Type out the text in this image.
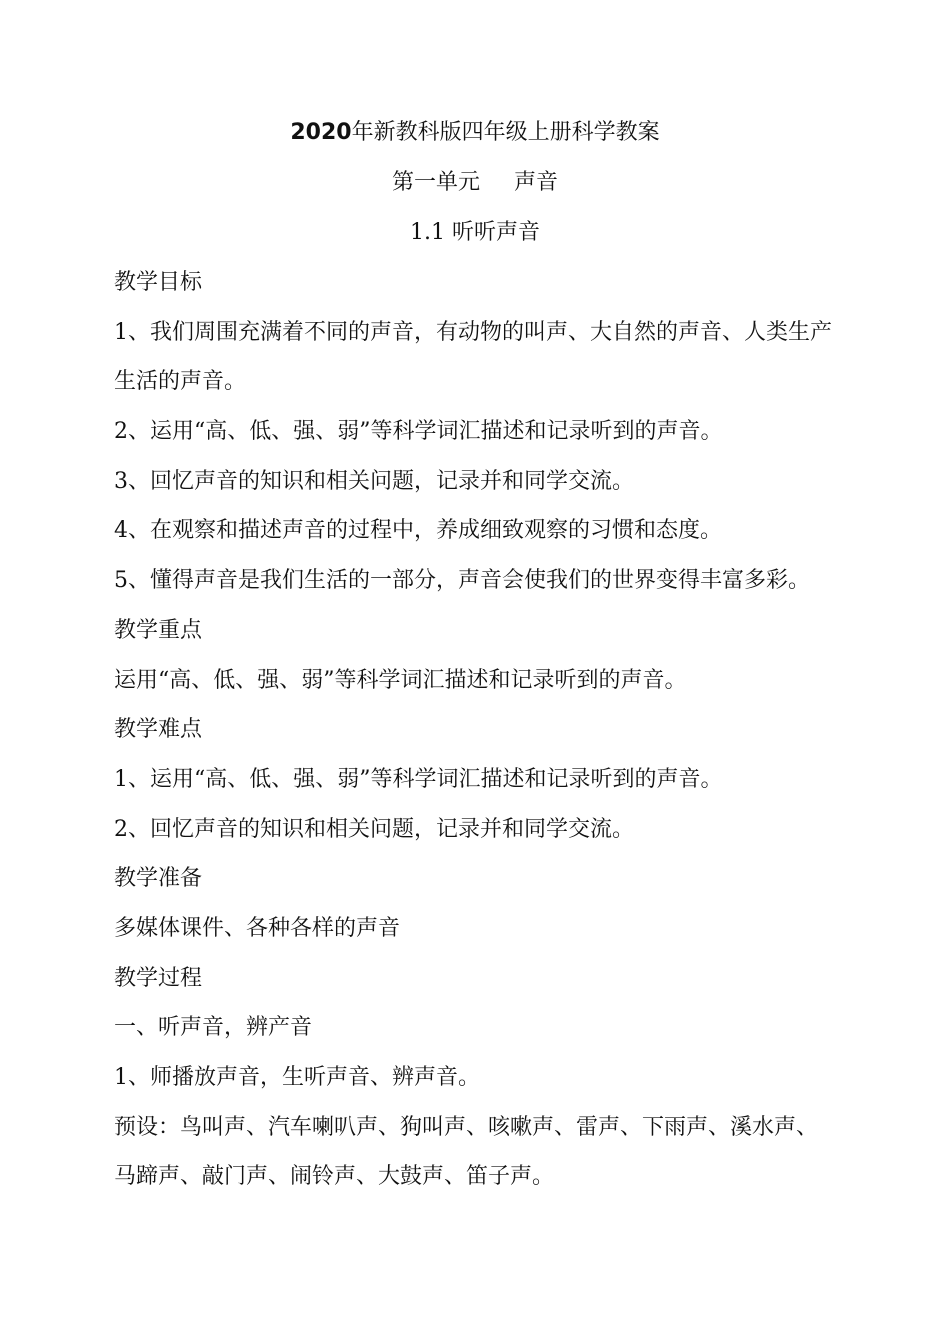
2020年新教科版四年级上册科学教案
第一单元 声音
1.1 听听声音
教学目标
1、我们周围充满着不同的声音，有动物的叫声、大自然的声音、人类生产
生活的声音。
2、运用“高、低、强、弱”等科学词汇描述和记录听到的声音。
3、回忆声音的知识和相关问题，记录并和同学交流。
4、在观察和描述声音的过程中，养成细致观察的习惯和态度。
5、懂得声音是我们生活的一部分，声音会使我们的世界变得丰富多彩。
教学重点
运用“高、低、强、弱”等科学词汇描述和记录听到的声音。
教学难点
1、运用“高、低、强、弱”等科学词汇描述和记录听到的声音。
2、回忆声音的知识和相关问题，记录并和同学交流。
教学准备
多媒体课件、各种各样的声音
教学过程
一、听声音，辨产音
1、师播放声音，生听声音、辨声音。
预设：鸟叫声、汽车喇叭声、狗叫声、咳嗽声、雷声、下雨声、溪水声、
马蹄声、敲门声、闹铃声、大鼓声、笛子声。
